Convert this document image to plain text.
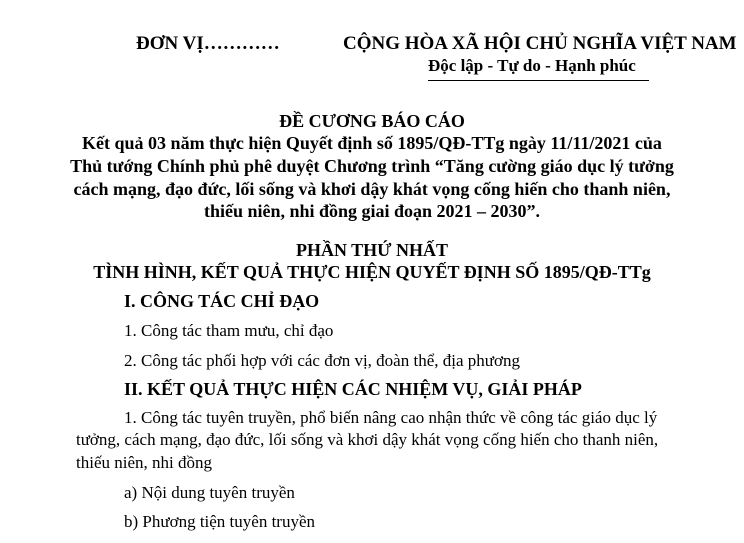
ĐƠN VỊ…………	CỘNG HÒA XÃ HỘI CHỦ NGHĨA VIỆT NAM
Độc lập - Tự do - Hạnh phúc
ĐỀ CƯƠNG BÁO CÁO
Kết quả 03 năm thực hiện Quyết định số 1895/QĐ-TTg ngày 11/11/2021 của
Thủ tướng Chính phủ phê duyệt Chương trình “Tăng cường giáo dục lý tưởng
cách mạng, đạo đức, lối sống và khơi dậy khát vọng cống hiến cho thanh niên,
thiếu niên, nhi đồng giai đoạn 2021 – 2030”.
PHẦN THỨ NHẤT
TÌNH HÌNH, KẾT QUẢ THỰC HIỆN QUYẾT ĐỊNH SỐ 1895/QĐ-TTg
I. CÔNG TÁC CHỈ ĐẠO
1. Công tác tham mưu, chỉ đạo
2. Công tác phối hợp với các đơn vị, đoàn thể, địa phương
II. KẾT QUẢ THỰC HIỆN CÁC NHIỆM VỤ, GIẢI PHÁP
1. Công tác tuyên truyền, phổ biến nâng cao nhận thức về công tác giáo dục lý
tưởng, cách mạng, đạo đức, lối sống và khơi dậy khát vọng cống hiến cho thanh niên,
thiếu niên, nhi đồng
a) Nội dung tuyên truyền
b) Phương tiện tuyên truyền
